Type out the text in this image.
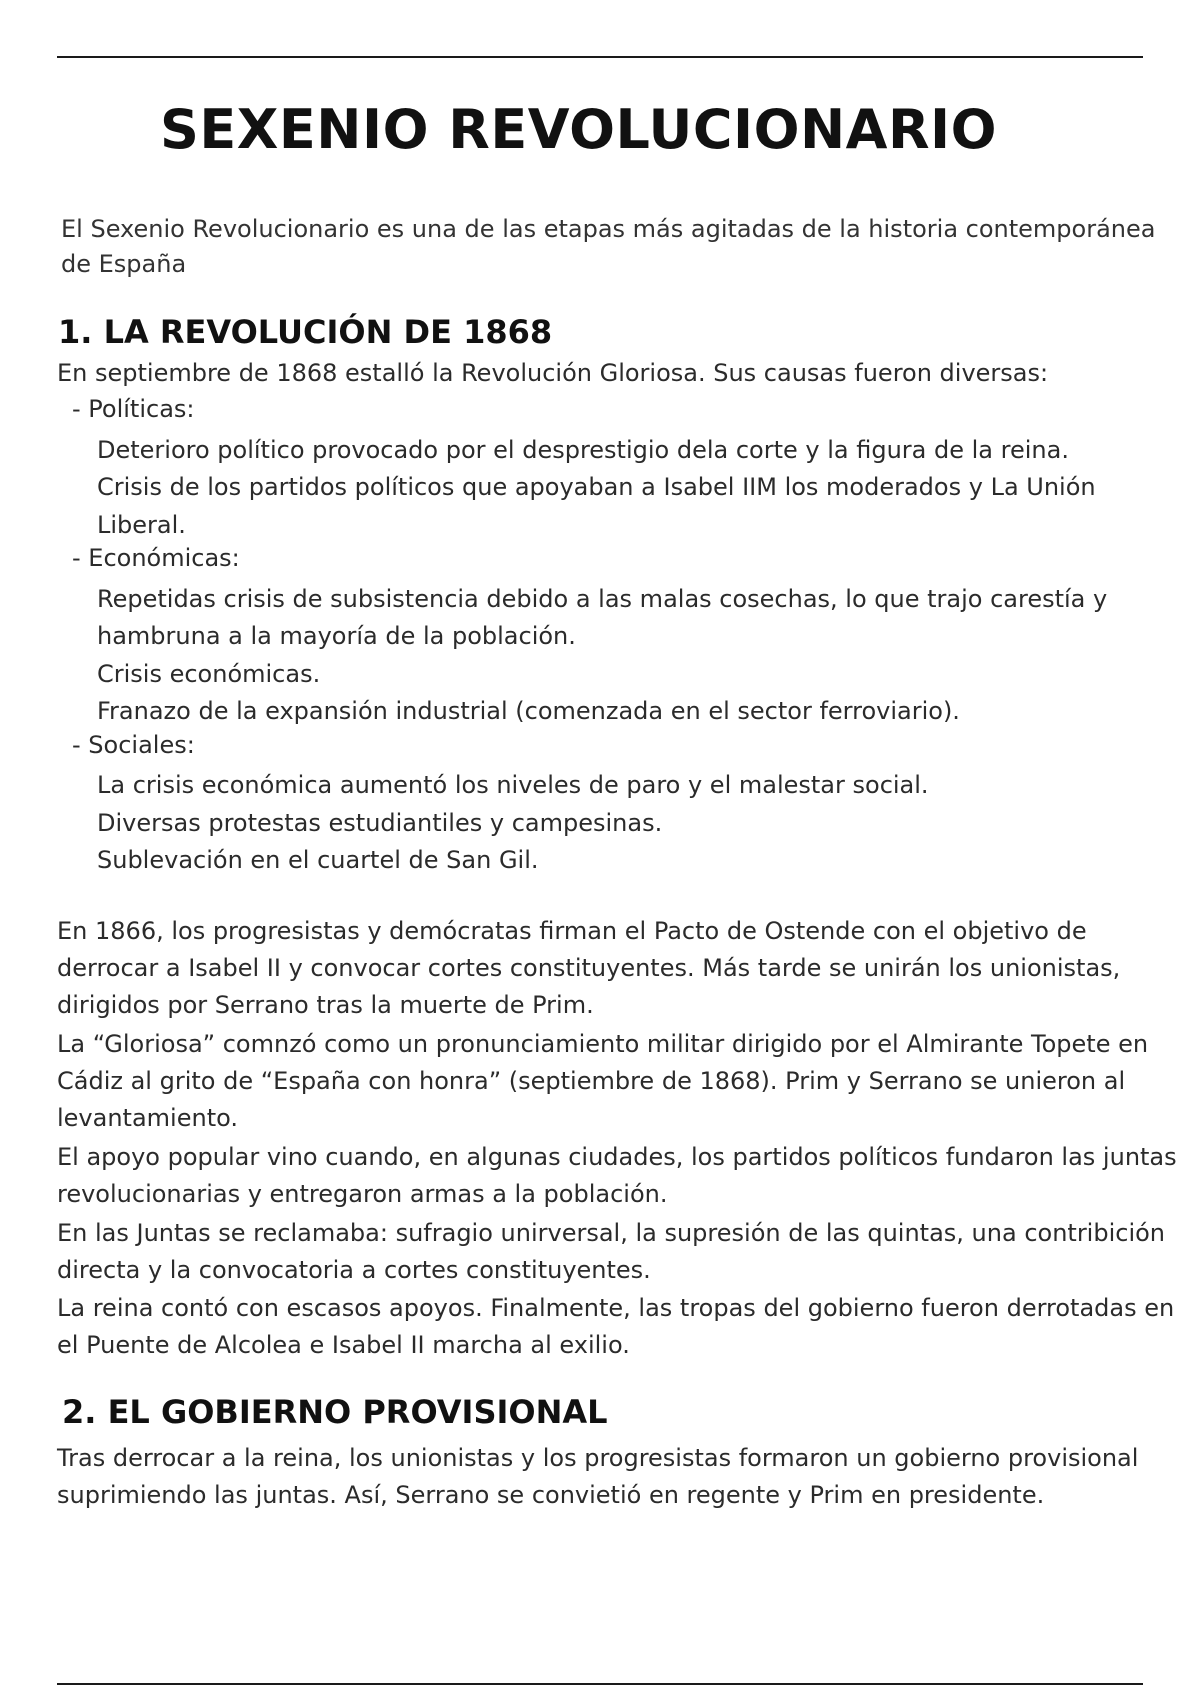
SEXENIO REVOLUCIONARIO

El Sexenio Revolucionario es una de las etapas más agitadas de la historia contemporánea de España

1. LA REVOLUCIÓN DE 1868

En septiembre de 1868 estalló la Revolución Gloriosa. Sus causas fueron diversas:

- Políticas:

Deterioro político provocado por el desprestigio dela corte y la figura de la reina.

Crisis de los partidos políticos que apoyaban a Isabel IIM los moderados y La Unión

Liberal.

- Económicas:

Repetidas crisis de subsistencia debido a las malas cosechas, lo que trajo carestía y

hambruna a la mayoría de la población.

Crisis económicas.

Franazo de la expansión industrial (comenzada en el sector ferroviario).

- Sociales:

La crisis económica aumentó los niveles de paro y el malestar social.

Diversas protestas estudiantiles y campesinas.

Sublevación en el cuartel de San Gil.

En 1866, los progresistas y demócratas firman el Pacto de Ostende con el objetivo de derrocar a Isabel II y convocar cortes constituyentes. Más tarde se unirán los unionistas, dirigidos por Serrano tras la muerte de Prim.

La “Gloriosa” comnzó como un pronunciamiento militar dirigido por el Almirante Topete en Cádiz al grito de “España con honra” (septiembre de 1868). Prim y Serrano se unieron al levantamiento.

El apoyo popular vino cuando, en algunas ciudades, los partidos políticos fundaron las juntas revolucionarias y entregaron armas a la población.

En las Juntas se reclamaba: sufragio unirversal, la supresión de las quintas, una contribición directa y la convocatoria a cortes constituyentes.

La reina contó con escasos apoyos. Finalmente, las tropas del gobierno fueron derrotadas en el Puente de Alcolea e Isabel II marcha al exilio.

2. EL GOBIERNO PROVISIONAL

Tras derrocar a la reina, los unionistas y los progresistas formaron un gobierno provisional suprimiendo las juntas. Así, Serrano se convietió en regente y Prim en presidente.
